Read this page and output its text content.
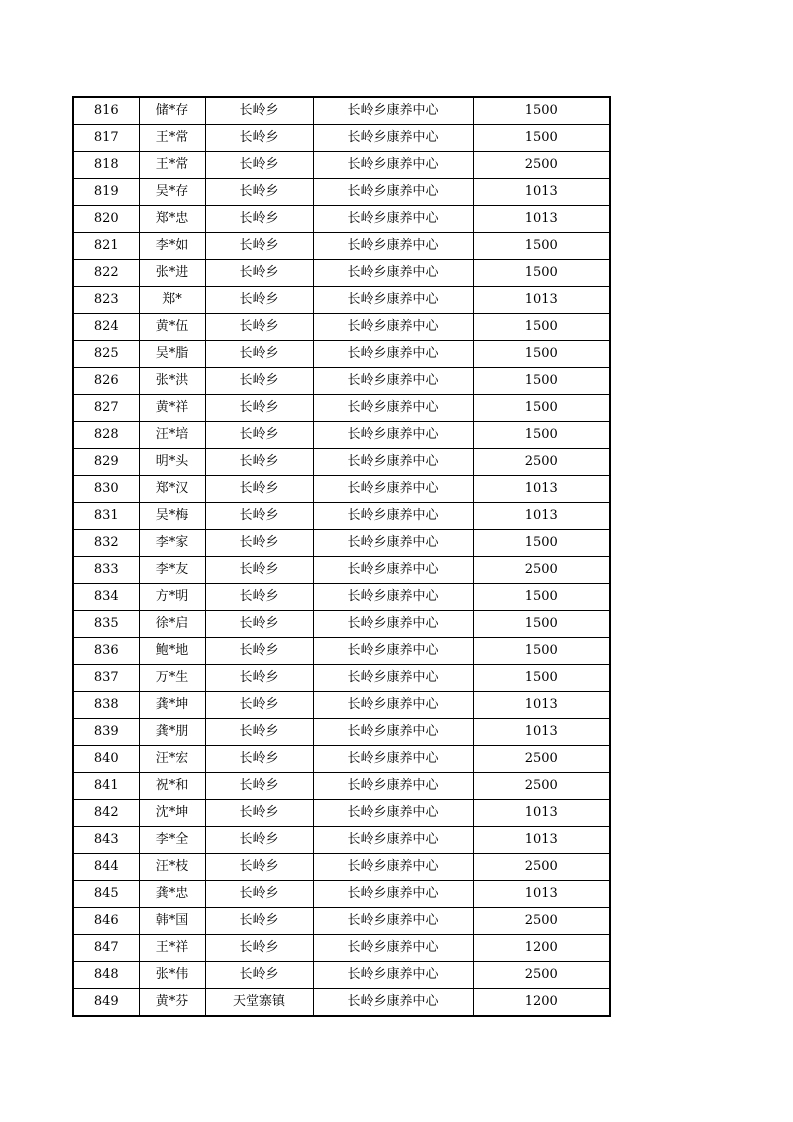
816	储*存	长岭乡	长岭乡康养中心	1500
817	王*常	长岭乡	长岭乡康养中心	1500
818	王*常	长岭乡	长岭乡康养中心	2500
819	吴*存	长岭乡	长岭乡康养中心	1013
820	郑*忠	长岭乡	长岭乡康养中心	1013
821	李*如	长岭乡	长岭乡康养中心	1500
822	张*进	长岭乡	长岭乡康养中心	1500
823	郑*	长岭乡	长岭乡康养中心	1013
824	黄*伍	长岭乡	长岭乡康养中心	1500
825	吴*脂	长岭乡	长岭乡康养中心	1500
826	张*洪	长岭乡	长岭乡康养中心	1500
827	黄*祥	长岭乡	长岭乡康养中心	1500
828	汪*培	长岭乡	长岭乡康养中心	1500
829	明*头	长岭乡	长岭乡康养中心	2500
830	郑*汉	长岭乡	长岭乡康养中心	1013
831	吴*梅	长岭乡	长岭乡康养中心	1013
832	李*家	长岭乡	长岭乡康养中心	1500
833	李*友	长岭乡	长岭乡康养中心	2500
834	方*明	长岭乡	长岭乡康养中心	1500
835	徐*启	长岭乡	长岭乡康养中心	1500
836	鲍*地	长岭乡	长岭乡康养中心	1500
837	万*生	长岭乡	长岭乡康养中心	1500
838	龚*坤	长岭乡	长岭乡康养中心	1013
839	龚*朋	长岭乡	长岭乡康养中心	1013
840	汪*宏	长岭乡	长岭乡康养中心	2500
841	祝*和	长岭乡	长岭乡康养中心	2500
842	沈*坤	长岭乡	长岭乡康养中心	1013
843	李*全	长岭乡	长岭乡康养中心	1013
844	汪*枝	长岭乡	长岭乡康养中心	2500
845	龚*忠	长岭乡	长岭乡康养中心	1013
846	韩*国	长岭乡	长岭乡康养中心	2500
847	王*祥	长岭乡	长岭乡康养中心	1200
848	张*伟	长岭乡	长岭乡康养中心	2500
849	黄*芬	天堂寨镇	长岭乡康养中心	1200
